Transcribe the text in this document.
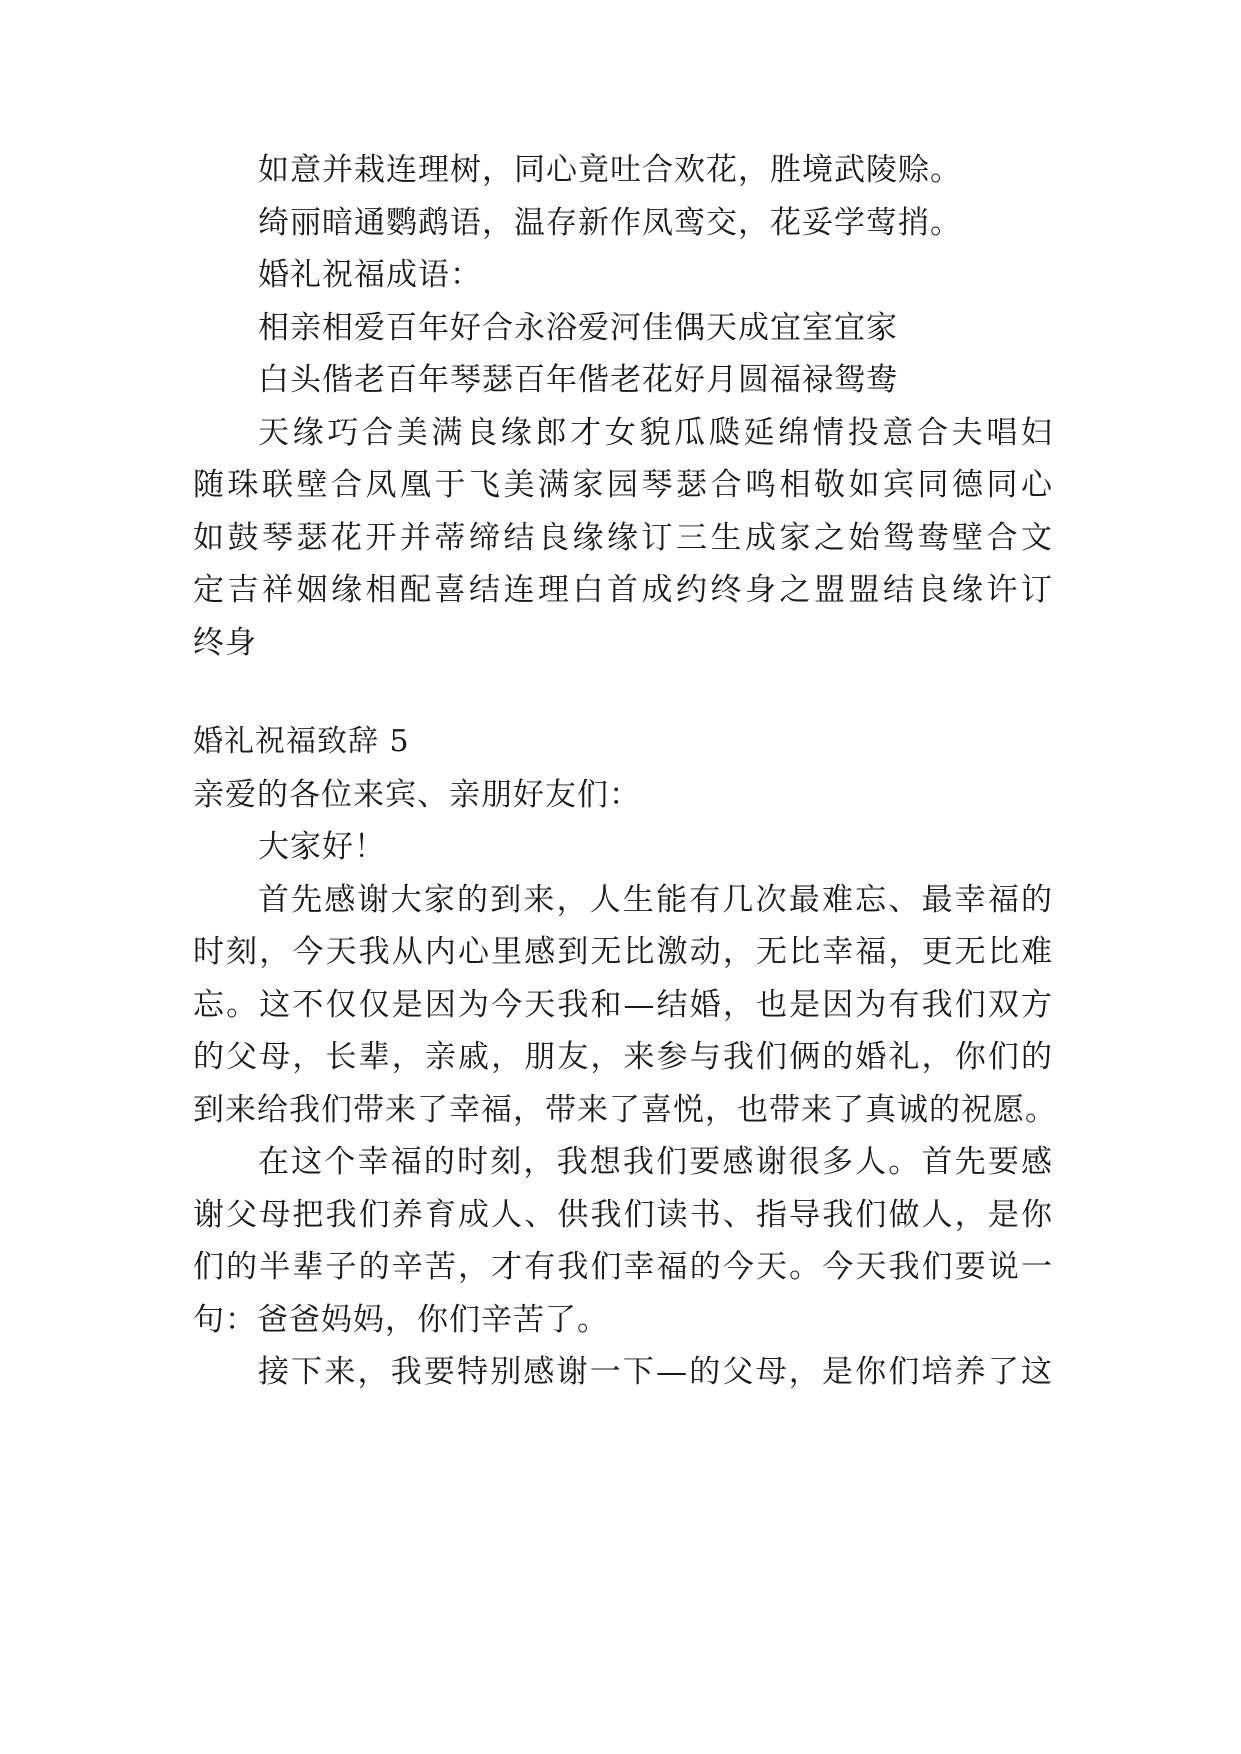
如意并栽连理树，同心竟吐合欢花，胜境武陵赊。
绮丽暗通鹦鹉语，温存新作凤鸾交，花妥学莺捎。
婚礼祝福成语：
相亲相爱百年好合永浴爱河佳偶天成宜室宜家
白头偕老百年琴瑟百年偕老花好月圆福禄鸳鸯
天缘巧合美满良缘郎才女貌瓜瓞延绵情投意合夫唱妇
随珠联壁合凤凰于飞美满家园琴瑟合鸣相敬如宾同德同心
如鼓琴瑟花开并蒂缔结良缘缘订三生成家之始鸳鸯壁合文
定吉祥姻缘相配喜结连理白首成约终身之盟盟结良缘许订
终身
婚礼祝福致辞 5
亲爱的各位来宾、亲朋好友们：
大家好！
首先感谢大家的到来，人生能有几次最难忘、最幸福的
时刻，今天我从内心里感到无比激动，无比幸福，更无比难
忘。这不仅仅是因为今天我和—结婚，也是因为有我们双方
的父母，长辈，亲戚，朋友，来参与我们俩的婚礼，你们的
到来给我们带来了幸福，带来了喜悦，也带来了真诚的祝愿。
在这个幸福的时刻，我想我们要感谢很多人。首先要感
谢父母把我们养育成人、供我们读书、指导我们做人，是你
们的半辈子的辛苦，才有我们幸福的今天。今天我们要说一
句：爸爸妈妈，你们辛苦了。
接下来，我要特别感谢一下—的父母，是你们培养了这
